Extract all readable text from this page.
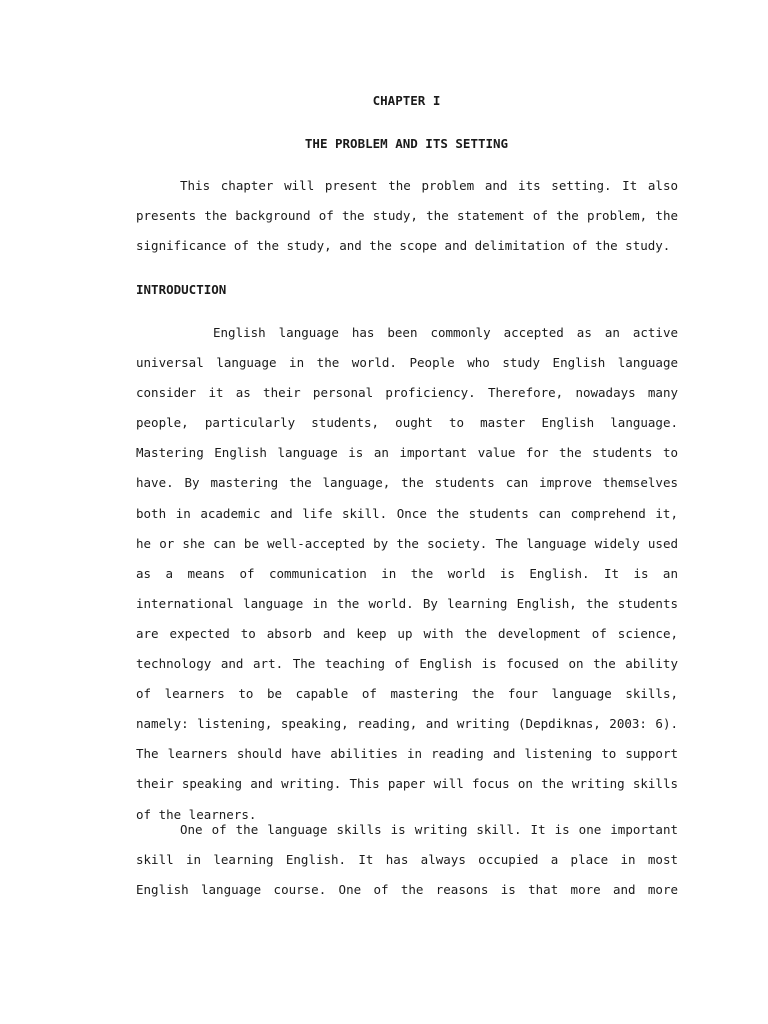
CHAPTER I
THE PROBLEM AND ITS SETTING
This chapter will present the problem and its setting. It also
presents the background of the study, the statement of the problem, the
significance of the study, and the scope and delimitation of the study.
INTRODUCTION
English language has been commonly accepted as an active
universal language in the world. People who study English language
consider it as their personal proficiency. Therefore, nowadays many
people, particularly students, ought to master English language.
Mastering English language is an important value for the students to
have. By mastering the language, the students can improve themselves
both in academic and life skill. Once the students can comprehend it,
he or she can be well-accepted by the society. The language widely used
as a means of communication in the world is English. It is an
international language in the world. By learning English, the students
are expected to absorb and keep up with the development of science,
technology and art. The teaching of English is focused on the ability
of learners to be capable of mastering the four language skills,
namely: listening, speaking, reading, and writing (Depdiknas, 2003: 6).
The learners should have abilities in reading and listening to support
their speaking and writing. This paper will focus on the writing skills
of the learners.
One of the language skills is writing skill. It is one important
skill in learning English. It has always occupied a place in most
English language course. One of the reasons is that more and more
